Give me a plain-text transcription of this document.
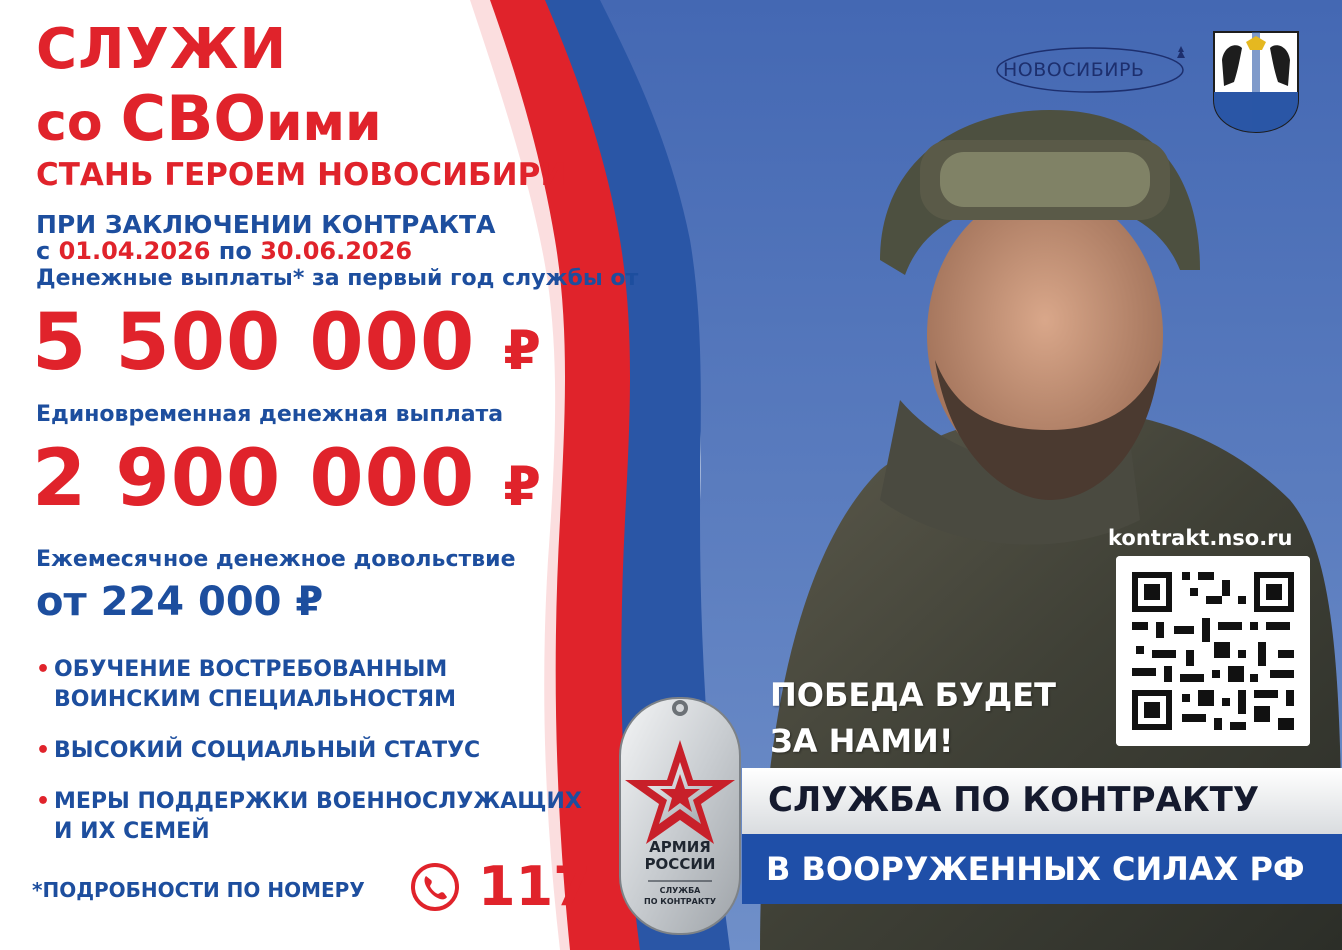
СЛУЖИ
со СВОими
СТАНЬ ГЕРОЕМ НОВОСИБИРИ
ПРИ ЗАКЛЮЧЕНИИ КОНТРАКТА
с 01.04.2026 по 30.06.2026
Денежные выплаты* за первый год службы от
5 500 000 ₽
Единовременная денежная выплата
2 900 000 ₽
Ежемесячное денежное довольствие
от 224 000 ₽
• ОБУЧЕНИЕ ВОСТРЕБОВАННЫМ
ВОИНСКИМ СПЕЦИАЛЬНОСТЯМ
• ВЫСОКИЙ СОЦИАЛЬНЫЙ СТАТУС
• МЕРЫ ПОДДЕРЖКИ ВОЕННОСЛУЖАЩИХ
И ИХ СЕМЕЙ
*ПОДРОБНОСТИ ПО НОМЕРУ 117
НОВОСИБИРЬ
kontrakt.nso.ru
ПОБЕДА БУДЕТ
ЗА НАМИ!
СЛУЖБА ПО КОНТРАКТУ
В ВООРУЖЕННЫХ СИЛАХ РФ
АРМИЯ
РОССИИ
СЛУЖБА
ПО КОНТРАКТУ
